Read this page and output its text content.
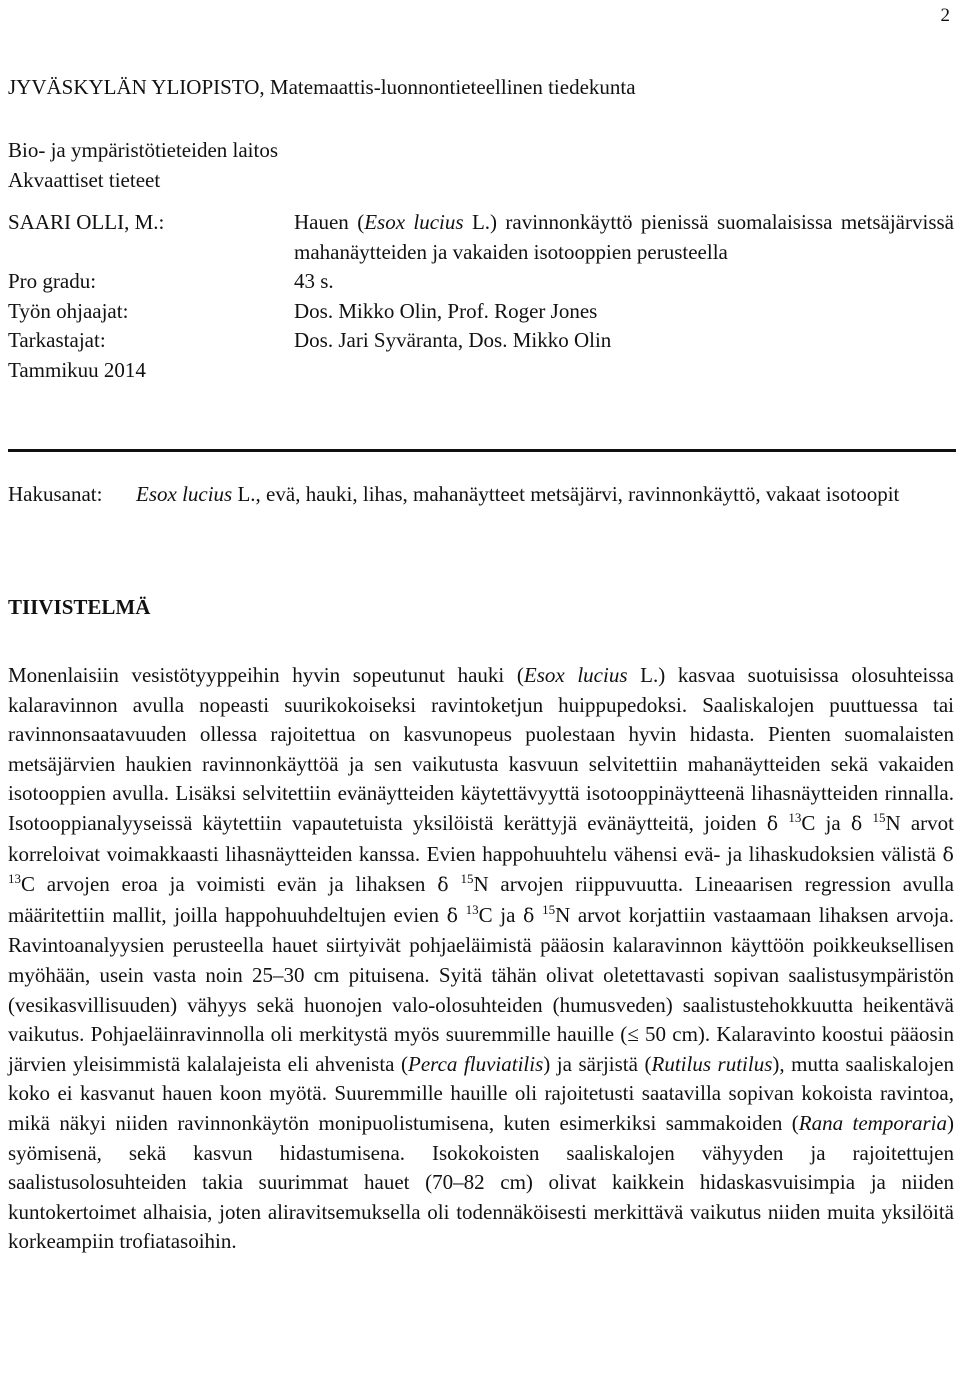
2
JYVÄSKYLÄN YLIOPISTO, Matemaattis-luonnontieteellinen tiedekunta
Bio- ja ympäristötieteiden laitos
Akvaattiset tieteet
SAARI OLLI, M.:	Hauen (Esox lucius L.) ravinnonkäyttö pienissä suomalaisissa metsäjärvissä mahanäytteiden ja vakaiden isotooppien perusteella
Pro gradu:	43 s.
Työn ohjaajat:	Dos. Mikko Olin, Prof. Roger Jones
Tarkastajat:	Dos. Jari Syväranta, Dos. Mikko Olin
Tammikuu 2014
Hakusanat:	Esox lucius L., evä, hauki, lihas, mahanäytteet metsäjärvi, ravinnonkäyttö, vakaat isotoopit
TIIVISTELMÄ
Monenlaisiin vesistötyyppeihin hyvin sopeutunut hauki (Esox lucius L.) kasvaa suotuisissa olosuhteissa kalaravinnon avulla nopeasti suurikokoiseksi ravintoketjun huippupedoksi. Saaliskalojen puuttuessa tai ravinnonsaatavuuden ollessa rajoitettua on kasvunopeus puolestaan hyvin hidasta. Pienten suomalaisten metsäjärvien haukien ravinnonkäyttöä ja sen vaikutusta kasvuun selvitettiin mahanäytteiden sekä vakaiden isotooppien avulla. Lisäksi selvitettiin evänäytteiden käytettävyyttä isotooppinäytteenä lihasnäytteiden rinnalla. Isotooppianalyyseissä käytettiin vapautetuista yksilöistä kerättyjä evänäytteitä, joiden δ $^{13}$C ja δ $^{15}$N arvot korreloivat voimakkaasti lihasnäytteiden kanssa. Evien happohuuhtelu vähensi evä- ja lihaskudoksien välistä δ $^{13}$C arvojen eroa ja voimisti evän ja lihaksen δ $^{15}$N arvojen riippuvuutta. Lineaarisen regression avulla määritettiin mallit, joilla happohuuhdeltujen evien δ $^{13}$C ja δ $^{15}$N arvot korjattiin vastaamaan lihaksen arvoja. Ravintoanalyysien perusteella hauet siirtyivät pohjaeläimistä pääosin kalaravinnon käyttöön poikkeuksellisen myöhään, usein vasta noin 25–30 cm pituisena. Syitä tähän olivat oletettavasti sopivan saalistusympäristön (vesikasvillisuuden) vähyys sekä huonojen valo-olosuhteiden (humusveden) saalistustehokkuutta heikentävä vaikutus. Pohjaeläinravinnolla oli merkitystä myös suuremmille hauille (≤ 50 cm). Kalaravinto koostui pääosin järvien yleisimmistä kalalajeista eli ahvenista (Perca fluviatilis) ja särjistä (Rutilus rutilus), mutta saaliskalojen koko ei kasvanut hauen koon myötä. Suuremmille hauille oli rajoitetusti saatavilla sopivan kokoista ravintoa, mikä näkyi niiden ravinnonkäytön monipuolistumisena, kuten esimerkiksi sammakoiden (Rana temporaria) syömisenä, sekä kasvun hidastumisena. Isokokoisten saaliskalojen vähyyden ja rajoitettujen saalistusolosuhteiden takia suurimmat hauet (70–82 cm) olivat kaikkein hidaskasvuisimpia ja niiden kuntokertoimet alhaisia, joten aliravitsemuksella oli todennäköisesti merkittävä vaikutus niiden muita yksilöitä korkeampiin trofiatasoihin.
